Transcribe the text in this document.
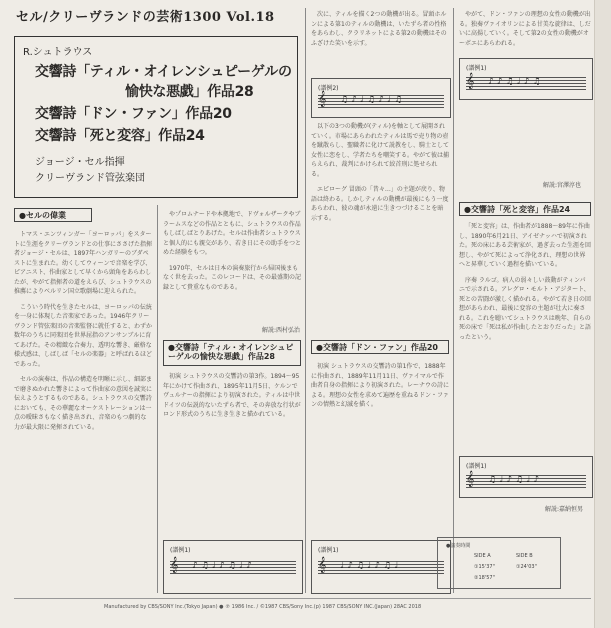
セル/クリーヴランドの芸術1300 Vol.18
R.シュトラウス
交響詩「ティル・オイレンシュピーゲルの
愉快な悪戯」作品28
交響詩「ドン・ファン」作品20
交響詩「死と変容」作品24
ジョージ・セル指揮
クリーヴランド管弦楽団
●セルの偉業

トマス・エンツィンガー「ヨーロッパ」をスタートに生涯をクリーヴランドとの仕事にささげた指揮者ジョージ・セルは、1897年ハンガリーのブダペストに生まれた。幼くしてウィーンで音楽を学び、ピアニスト、作曲家として早くから頭角をあらわしたが、やがて指揮者の道をえらび、シュトラウスの推薦によりベルリン国立歌劇場に迎えられた。

こういう時代を生きたセルは、ヨーロッパの伝統を一身に体現した音楽家であった。1946年クリーヴランド管弦楽団の音楽監督に就任すると、わずか数年のうちに同楽団を世界屈指のアンサンブルに育てあげた。その精緻な合奏力、透明な響き、厳格な様式感は、しばしば「セルの楽器」と呼ばれるほどであった。

セルの演奏は、作品の構造を明晰に示し、細部まで磨きぬかれた響きによって作曲家の意図を誠実に伝えようとするものである。シュトラウスの交響詩においても、その華麗なオーケストレーションは一点の曖昧さもなく描き出され、音楽のもつ劇的な力が最大限に発揮されている。

やプロムナードや本拠地で、ドヴォルザークやブラームスなどの作品とともに、シュトラウスの作品もしばしばとりあげた。セルは作曲者シュトラウスと個人的にも親交があり、若き日にその助手をつとめた経験をもつ。

1970年、セルは日本の演奏旅行から帰国後まもなく世を去った。このレコードは、その最盛期の記録として貴重なものである。

解説:西村弘治
●交響詩「ティル・オイレンシュピーゲルの愉快な悪戯」作品28

初演 シュトラウスの交響詩の第3作。1894〜95年にかけて作曲され、1895年11月5日、ケルンでヴュルナーの指揮により初演された。ティルは中世ドイツの伝説的ないたずら者で、その奔放な行状がロンド形式のうちに生き生きと描かれている。

(譜例1)
𝄞 ♪♫♩♪♫♩♪

次に、ティルを描く2つの動機が出る。冒頭ホルンによる第1のティルの動機は、いたずら者の性格をあらわし、クラリネットによる第2の動機はそのふざけた笑いを示す。

(譜例2)
𝄞 ♫♪♩♫♪♩♫

以下の3つの動機が(ティル)を軸として展開されていく。市場にあらわれたティルは馬で売り物の壺を蹴散らし、聖職者に化けて説教をし、騎士として女性に恋をし、学者たちを嘲笑する。やがて彼は捕らえられ、裁判にかけられて絞首刑に処せられる。

エピローグ 冒頭の「昔々…」の主題が戻り、物語は終わる。しかしティルの動機が最後にもう一度あらわれ、彼の魂が永遠に生きつづけることを暗示する。

●交響詩「ドン・ファン」作品20

初演 シュトラウスの交響詩の第1作で、1888年に作曲され、1889年11月11日、ヴァイマルで作曲者自身の指揮により初演された。レーナウの詩による。理想の女性を求めて遍歴を重ねるドン・ファンの情熱と幻滅を描く。

(譜例1)
𝄞 ♩♪♫♩♪♫♩

やがて、ドン・ファンの理想の女性の動機が出る。独奏ヴァイオリンによる甘美な旋律は、しだいに高揚していく。そして第2の女性の動機がオーボエにあらわれる。

(譜例1)
𝄞 ♪♪♫♩♪♫
解説:宮澤淳也
●交響詩「死と変容」作品24

「死と変容」は、作曲者が1888〜89年に作曲し、1890年6月21日、アイゼナッハで初演された。死の床にある芸術家が、過ぎ去った生涯を回想し、やがて死によって浄化され、理想の世界へと昇華していく過程を描いている。

序奏 ラルゴ。病人の弱々しい鼓動がティンパニで示される。アレグロ・モルト・アジタート、死との苦闘が激しく描かれる。やがて若き日の回想があらわれ、最後に変容の主題が壮大に奏される。これを聴いてシュトラウスは晩年、自らの死の床で「死は私が作曲したとおりだった」と語ったという。

(譜例1)
𝄞 ♫♩♪♫♩♪
解説:嘉納恒男
●演奏時間
SIDE A	SIDE B
①15'37"	①24'03"
②18'57"
Manufactured by CBS/SONY Inc.(Tokyo Japan) ● ℗ 1986 Inc. / ©1987 CBS/Sony Inc.(p) 1987 CBS/SONY INC.(Japan) 28AC 2018
